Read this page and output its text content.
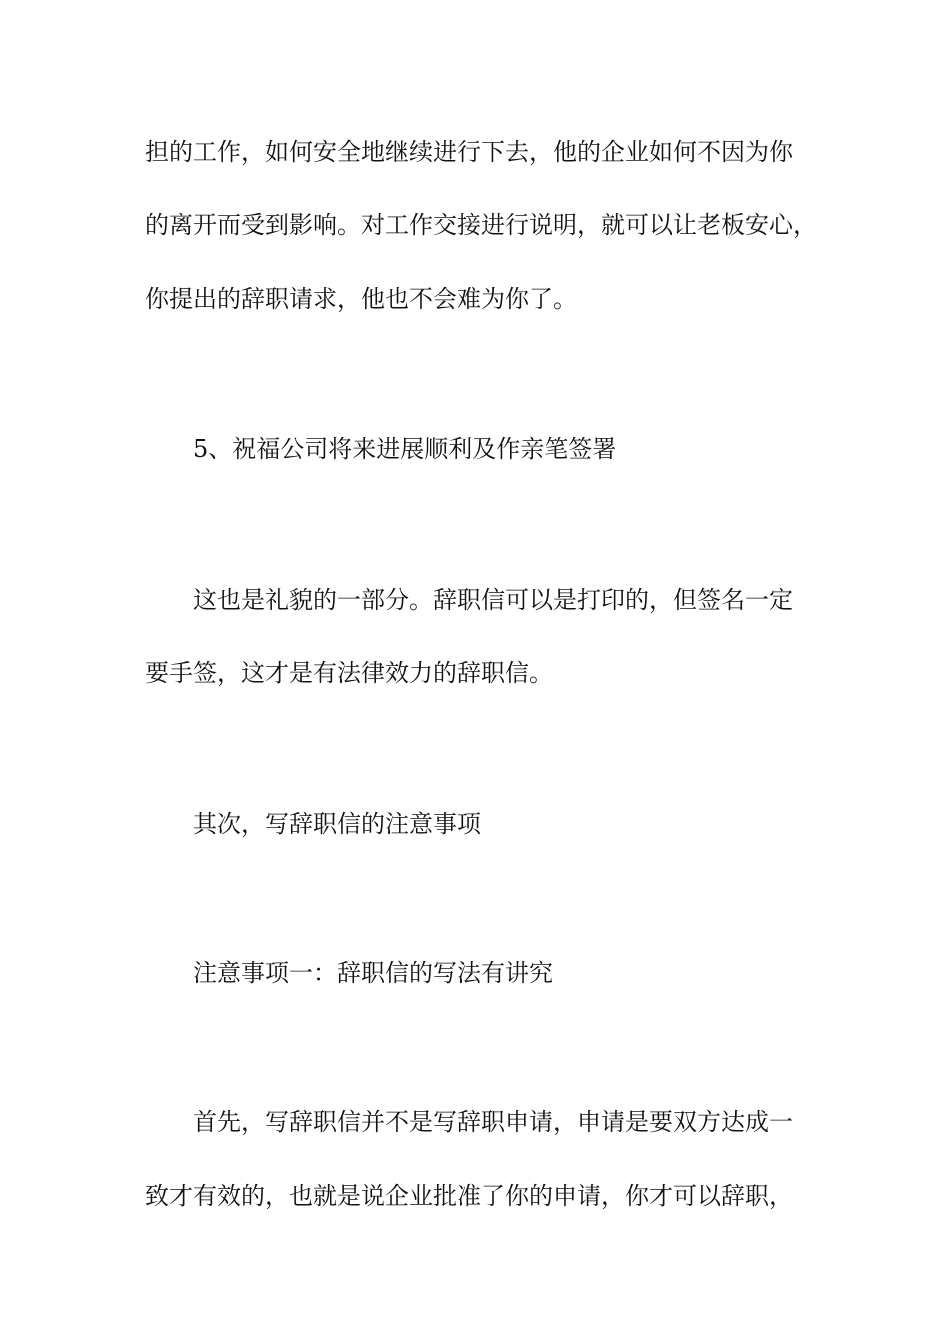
担的工作，如何安全地继续进行下去，他的企业如何不因为你
的离开而受到影响。对工作交接进行说明，就可以让老板安心，
你提出的辞职请求，他也不会难为你了。
5、祝福公司将来进展顺利及作亲笔签署
这也是礼貌的一部分。辞职信可以是打印的，但签名一定
要手签，这才是有法律效力的辞职信。
其次，写辞职信的注意事项
注意事项一：辞职信的写法有讲究
首先，写辞职信并不是写辞职申请，申请是要双方达成一
致才有效的，也就是说企业批准了你的申请，你才可以辞职，
